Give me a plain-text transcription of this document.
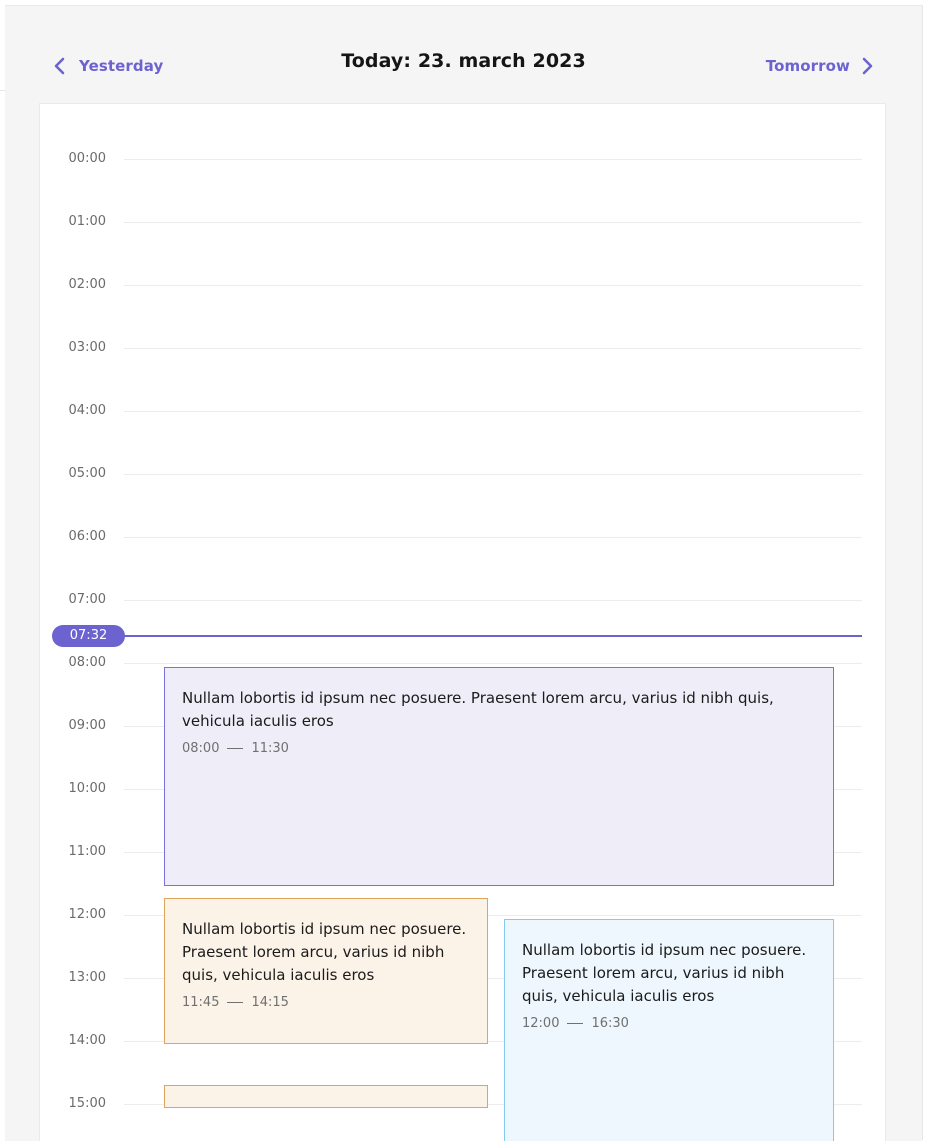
Yesterday	Today: 23. march 2023	Tomorrow
00:00
01:00
02:00
03:00
04:00
05:00
06:00
07:00
08:00
09:00
10:00
11:00
12:00
13:00
14:00
15:00
07:32
Nullam lobortis id ipsum nec posuere. Praesent lorem arcu, varius id nibh quis, vehicula iaculis eros
08:00 11:30
Nullam lobortis id ipsum nec posuere. Praesent lorem arcu, varius id nibh quis, vehicula iaculis eros
11:45 14:15
Nullam lobortis id ipsum nec posuere. Praesent lorem arcu, varius id nibh quis, vehicula iaculis eros
12:00 16:30
